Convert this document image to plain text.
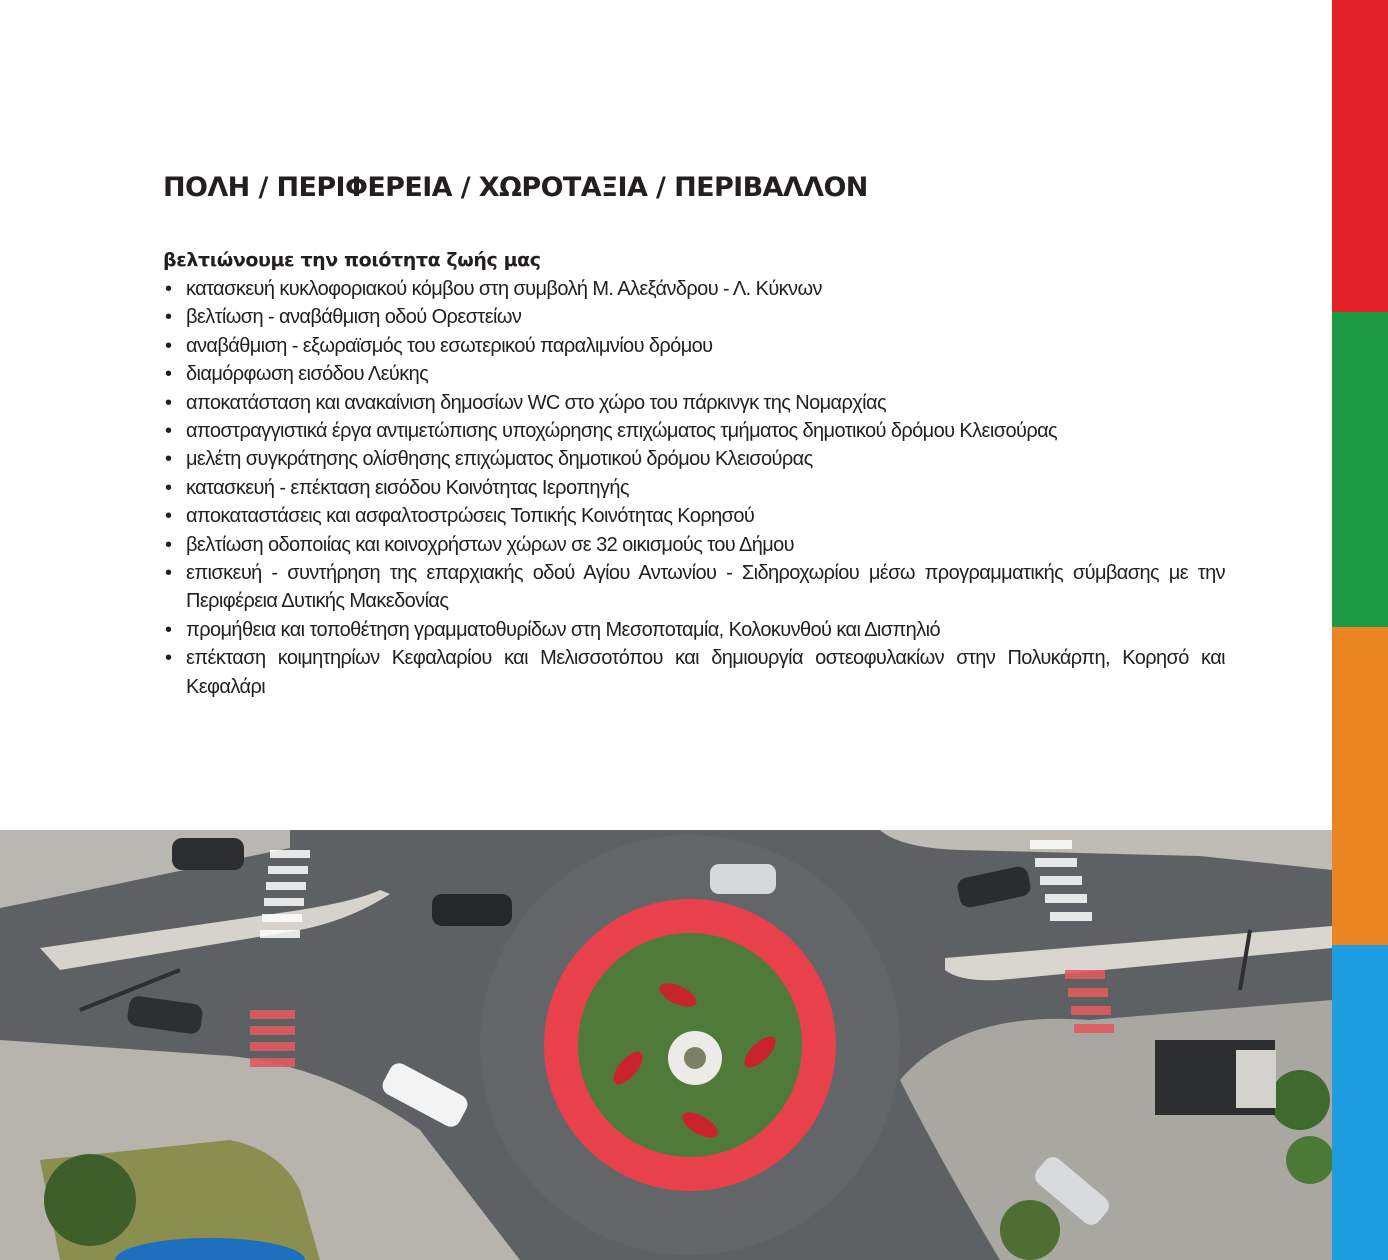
ΠΟΛΗ / ΠΕΡΙΦΕΡΕΙΑ / ΧΩΡΟΤΑΞΙΑ / ΠΕΡΙΒΑΛΛΟΝ
βελτιώνουμε την ποιότητα ζωής μας
• κατασκευή κυκλοφοριακού κόμβου στη συμβολή Μ. Αλεξάνδρου - Λ. Κύκνων
• βελτίωση - αναβάθμιση οδού Ορεστείων
• αναβάθμιση - εξωραϊσμός του εσωτερικού παραλιμνίου δρόμου
• διαμόρφωση εισόδου Λεύκης
• αποκατάσταση και ανακαίνιση δημοσίων WC στο χώρο του πάρκινγκ της Νομαρχίας
• αποστραγγιστικά έργα αντιμετώπισης υποχώρησης επιχώματος τμήματος δημοτικού δρόμου Κλεισούρας
• μελέτη συγκράτησης ολίσθησης επιχώματος δημοτικού δρόμου Κλεισούρας
• κατασκευή - επέκταση εισόδου Κοινότητας Ιεροπηγής
• αποκαταστάσεις και ασφαλτοστρώσεις Τοπικής Κοινότητας Κορησού
• βελτίωση οδοποιίας και κοινοχρήστων χώρων σε 32 οικισμούς του Δήμου
• επισκευή - συντήρηση της επαρχιακής οδού Αγίου Αντωνίου - Σιδηροχωρίου μέσω προγραμματικής σύμβασης με την Περιφέρεια Δυτικής Μακεδονίας
• προμήθεια και τοποθέτηση γραμματοθυρίδων στη Μεσοποταμία, Κολοκυνθού και Δισπηλιό
• επέκταση κοιμητηρίων Κεφαλαρίου και Μελισσοτόπου και δημιουργία οστεοφυλακίων στην Πολυκάρπη, Κορησό και Κεφαλάρι
